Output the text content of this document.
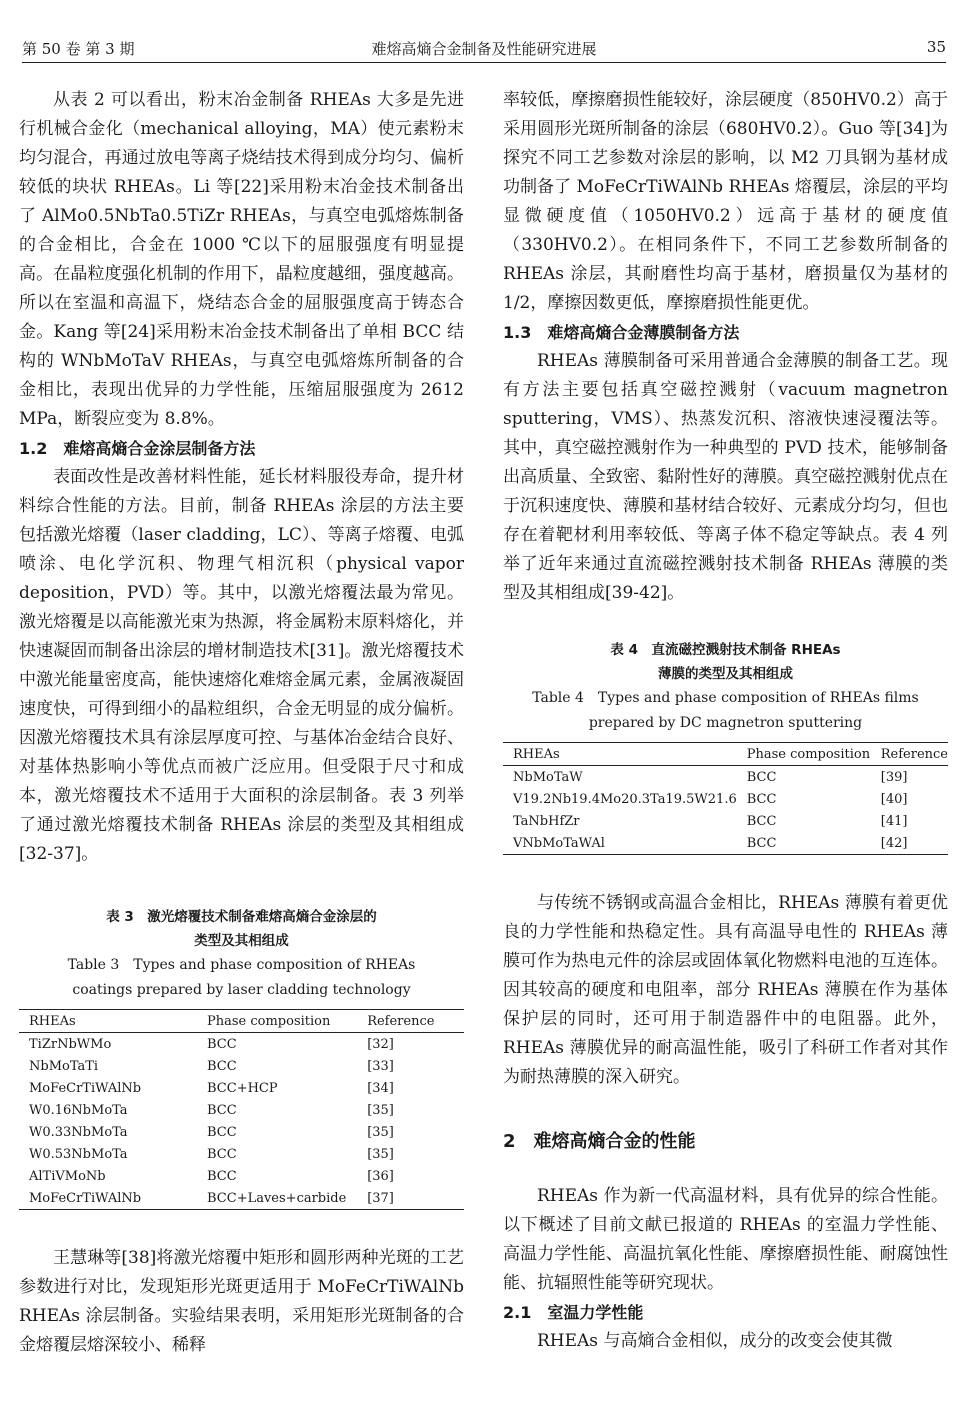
第 50 卷 第 3 期	难熔高熵合金制备及性能研究进展	35

从表 2 可以看出，粉末冶金制备 RHEAs 大多是先进行机械合金化（mechanical alloying，MA）使元素粉末均匀混合，再通过放电等离子烧结技术得到成分均匀、偏析较低的块状 RHEAs。Li 等[22]采用粉末冶金技术制备出了 AlMo0.5NbTa0.5TiZr RHEAs，与真空电弧熔炼制备的合金相比，合金在 1000 ℃以下的屈服强度有明显提高。在晶粒度强化机制的作用下，晶粒度越细，强度越高。所以在室温和高温下，烧结态合金的屈服强度高于铸态合金。Kang 等[24]采用粉末冶金技术制备出了单相 BCC 结构的 WNbMoTaV RHEAs，与真空电弧熔炼所制备的合金相比，表现出优异的力学性能，压缩屈服强度为 2612 MPa，断裂应变为 8.8%。

1.2　难熔高熵合金涂层制备方法

表面改性是改善材料性能，延长材料服役寿命，提升材料综合性能的方法。目前，制备 RHEAs 涂层的方法主要包括激光熔覆（laser cladding，LC）、等离子熔覆、电弧喷涂、电化学沉积、物理气相沉积（physical vapor deposition，PVD）等。其中，以激光熔覆法最为常见。激光熔覆是以高能激光束为热源，将金属粉末原料熔化，并快速凝固而制备出涂层的增材制造技术[31]。激光熔覆技术中激光能量密度高，能快速熔化难熔金属元素，金属液凝固速度快，可得到细小的晶粒组织，合金无明显的成分偏析。因激光熔覆技术具有涂层厚度可控、与基体冶金结合良好、对基体热影响小等优点而被广泛应用。但受限于尺寸和成本，激光熔覆技术不适用于大面积的涂层制备。表 3 列举了通过激光熔覆技术制备 RHEAs 涂层的类型及其相组成[32-37]。

表 3　激光熔覆技术制备难熔高熵合金涂层的
类型及其相组成
Table 3　Types and phase composition of RHEAs
coatings prepared by laser cladding technology
RHEAs	Phase composition	Reference
TiZrNbWMo	BCC	[32]
NbMoTaTi	BCC	[33]
MoFeCrTiWAlNb	BCC+HCP	[34]
W0.16NbMoTa	BCC	[35]
W0.33NbMoTa	BCC	[35]
W0.53NbMoTa	BCC	[35]
AlTiVMoNb	BCC	[36]
MoFeCrTiWAlNb	BCC+Laves+carbide	[37]

王慧琳等[38]将激光熔覆中矩形和圆形两种光斑的工艺参数进行对比，发现矩形光斑更适用于 MoFeCrTiWAlNb RHEAs 涂层制备。实验结果表明，采用矩形光斑制备的合金熔覆层熔深较小、稀释

率较低，摩擦磨损性能较好，涂层硬度（850HV0.2）高于采用圆形光斑所制备的涂层（680HV0.2）。Guo 等[34]为探究不同工艺参数对涂层的影响，以 M2 刀具钢为基材成功制备了 MoFeCrTiWAlNb RHEAs 熔覆层，涂层的平均显微硬度值（1050HV0.2）远高于基材的硬度值（330HV0.2）。在相同条件下，不同工艺参数所制备的 RHEAs 涂层，其耐磨性均高于基材，磨损量仅为基材的 1/2，摩擦因数更低，摩擦磨损性能更优。

1.3　难熔高熵合金薄膜制备方法

RHEAs 薄膜制备可采用普通合金薄膜的制备工艺。现有方法主要包括真空磁控溅射（vacuum magnetron sputtering，VMS）、热蒸发沉积、溶液快速浸覆法等。其中，真空磁控溅射作为一种典型的 PVD 技术，能够制备出高质量、全致密、黏附性好的薄膜。真空磁控溅射优点在于沉积速度快、薄膜和基材结合较好、元素成分均匀，但也存在着靶材利用率较低、等离子体不稳定等缺点。表 4 列举了近年来通过直流磁控溅射技术制备 RHEAs 薄膜的类型及其相组成[39-42]。

表 4　直流磁控溅射技术制备 RHEAs
薄膜的类型及其相组成
Table 4　Types and phase composition of RHEAs films
prepared by DC magnetron sputtering
RHEAs	Phase composition	Reference
NbMoTaW	BCC	[39]
V19.2Nb19.4Mo20.3Ta19.5W21.6	BCC	[40]
TaNbHfZr	BCC	[41]
VNbMoTaWAl	BCC	[42]

与传统不锈钢或高温合金相比，RHEAs 薄膜有着更优良的力学性能和热稳定性。具有高温导电性的 RHEAs 薄膜可作为热电元件的涂层或固体氧化物燃料电池的互连体。因其较高的硬度和电阻率，部分 RHEAs 薄膜在作为基体保护层的同时，还可用于制造器件中的电阻器。此外，RHEAs 薄膜优异的耐高温性能，吸引了科研工作者对其作为耐热薄膜的深入研究。

2　难熔高熵合金的性能

RHEAs 作为新一代高温材料，具有优异的综合性能。以下概述了目前文献已报道的 RHEAs 的室温力学性能、高温力学性能、高温抗氧化性能、摩擦磨损性能、耐腐蚀性能、抗辐照性能等研究现状。

2.1　室温力学性能

RHEAs 与高熵合金相似，成分的改变会使其微
